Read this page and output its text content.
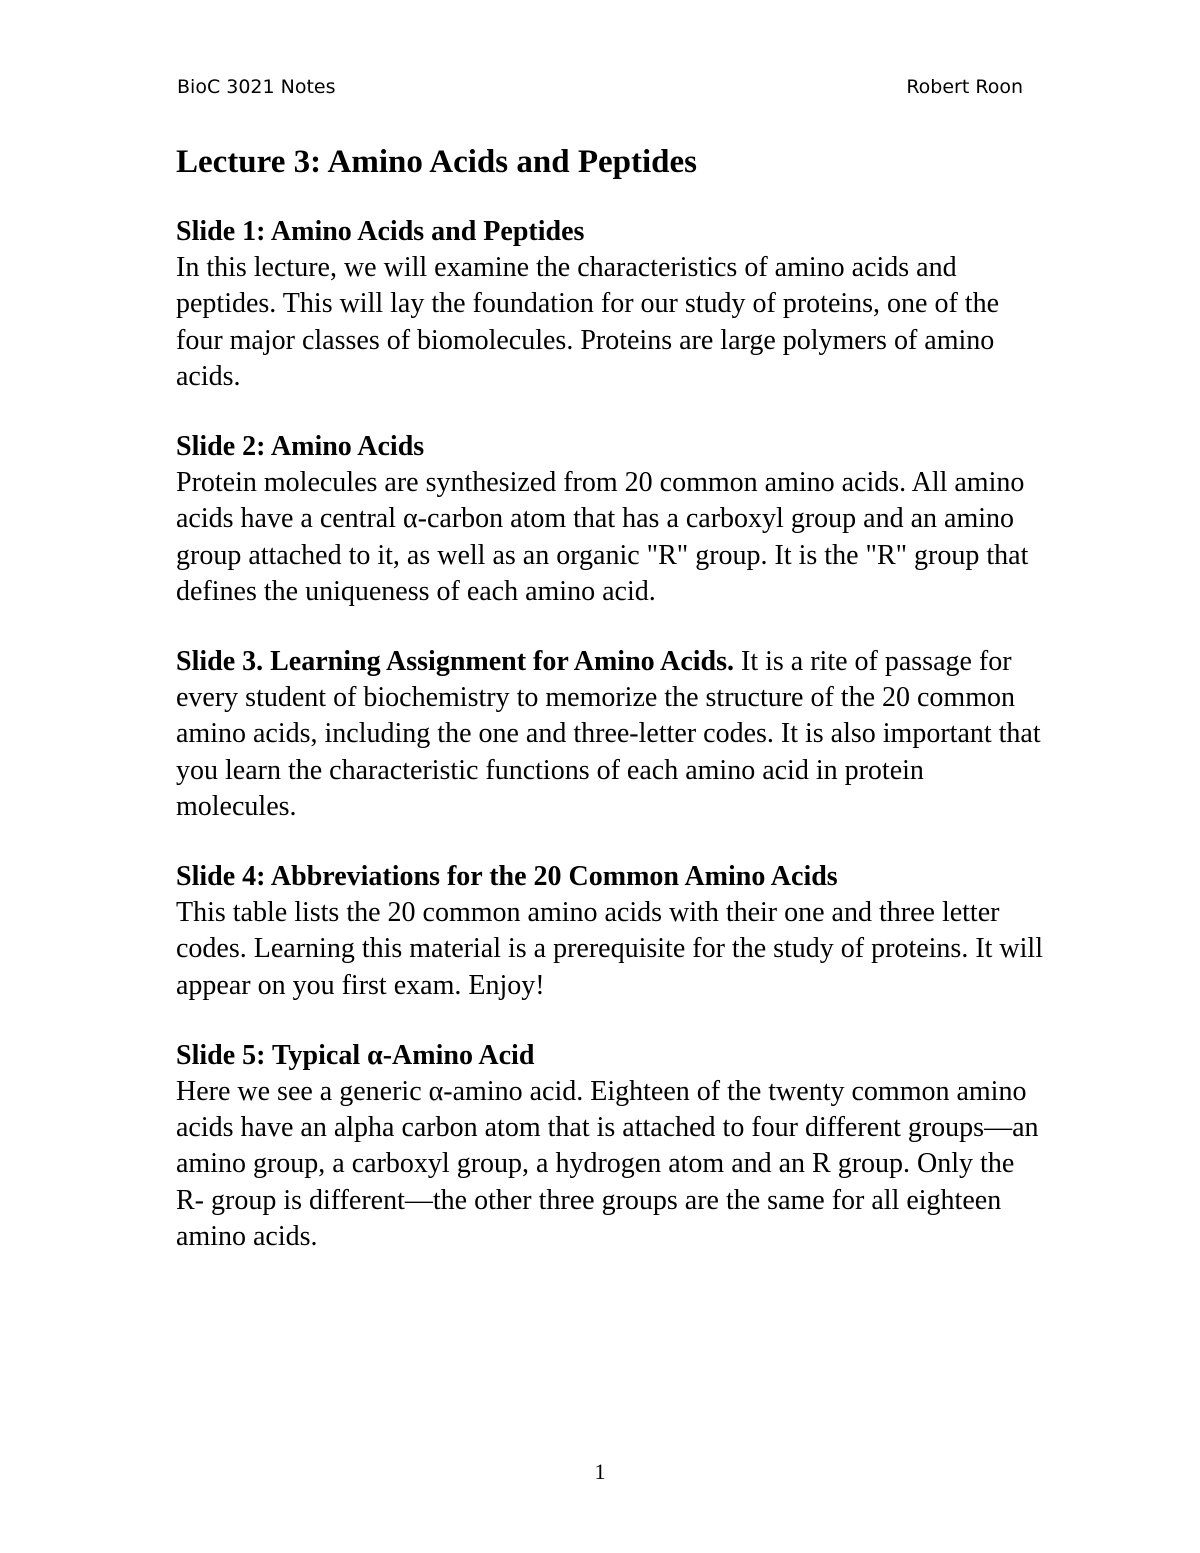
BioC 3021 Notes	Robert Roon
Lecture 3: Amino Acids and Peptides
Slide 1: Amino Acids and Peptides

In this lecture, we will examine the characteristics of amino acids and peptides. This will lay the foundation for our study of proteins, one of the four major classes of biomolecules. Proteins are large polymers of amino acids.

Slide 2: Amino Acids

Protein molecules are synthesized from 20 common amino acids. All amino acids have a central α-carbon atom that has a carboxyl group and an amino group attached to it, as well as an organic "R" group. It is the "R" group that defines the uniqueness of each amino acid.

Slide 3. Learning Assignment for Amino Acids. It is a rite of passage for every student of biochemistry to memorize the structure of the 20 common amino acids, including the one and three-letter codes. It is also important that you learn the characteristic functions of each amino acid in protein molecules.

Slide 4: Abbreviations for the 20 Common Amino Acids

This table lists the 20 common amino acids with their one and three letter codes. Learning this material is a prerequisite for the study of proteins. It will appear on you first exam. Enjoy!

Slide 5: Typical α-Amino Acid

Here we see a generic α-amino acid. Eighteen of the twenty common amino acids have an alpha carbon atom that is attached to four different groups—an amino group, a carboxyl group, a hydrogen atom and an R group. Only the R- group is different—the other three groups are the same for all eighteen amino acids.

1
